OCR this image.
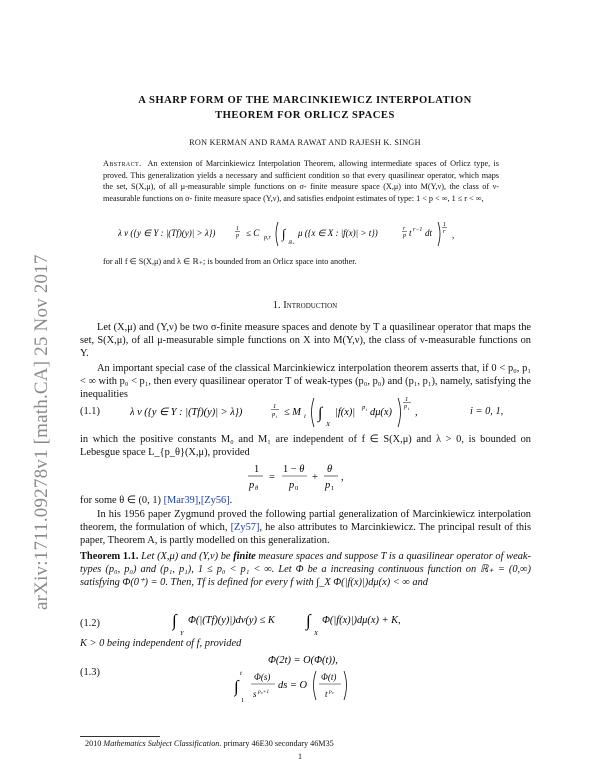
arXiv:1711.09278v1 [math.CA] 25 Nov 2017
A SHARP FORM OF THE MARCINKIEWICZ INTERPOLATION
THEOREM FOR ORLICZ SPACES
RON KERMAN AND RAMA RAWAT AND RAJESH K. SINGH
Abstract. An extension of Marcinkiewicz Interpolation Theorem, allowing intermediate spaces of Orlicz type, is proved. This generalization yields a necessary and sufficient condition so that every quasilinear operator, which maps the set, S(X,μ), of all μ-measurable simple functions on σ- finite measure space (X,μ) into M(Y,ν), the class of ν-measurable functions on σ- finite measure space (Y,ν), and satisfies endpoint estimates of type: 1 < p < ∞, 1 ≤ r < ∞,
λ ν ({y ∈ Y : |(Tf)(y)| > λ})	1
p ≤ C p,r ∫
ℝ₊
μ ({x ∈ X : |f(x)| > t})	r
p t r−1 dt
1
r ,
for all f ∈ S(X,μ) and λ ∈ ℝ₊; is bounded from an Orlicz space into another.
1. Introduction
Let (X,μ) and (Y,ν) be two σ-finite measure spaces and denote by T a quasilinear operator that maps the set, S(X,μ), of all μ-measurable simple functions on X into M(Y,ν), the class of ν-measurable functions on Y.
An important special case of the classical Marcinkiewicz interpolation theorem asserts that, if 0 < p₀, p₁ < ∞ with p₀ < p₁, then every quasilinear operator T of weak-types (p₀, p₀) and (p₁, p₁), namely, satisfying the inequalities
(1.1)	λ ν ({y ∈ Y : |(Tf)(y)| > λ})
1
p i ≤ M i ∫
X
|f(x)| p i dμ(x)
1
p i ,	i = 0, 1,
in which the positive constants M₀ and M₁ are independent of f ∈ S(X,μ) and λ > 0, is bounded on Lebesgue space L_{p_θ}(X,μ), provided
1
p θ
=
1 − θ
p 0
+
θ
p 1
,
for some θ ∈ (0, 1) [Mar39],[Zy56].
In his 1956 paper Zygmund proved the following partial generalization of Marcinkiewicz interpolation theorem, the formulation of which, [Zy57], he also attributes to Marcinkiewicz. The principal result of this paper, Theorem A, is partly modelled on this generalization.
Theorem 1.1. Let (X,μ) and (Y,ν) be finite measure spaces and suppose T is a quasilinear operator of weak-types (p₀, p₀) and (p₁, p₁), 1 ≤ p₀ < p₁ < ∞. Let Φ be a increasing continuous function on ℝ₊ = (0,∞) satisfying Φ(0⁺) = 0. Then, Tf is defined for every f with ∫_X Φ(|f(x)|)dμ(x) < ∞ and
(1.2)	∫
Y
Φ(|(Tf)(y)|)dν(y) ≤ K ∫
X
Φ(|f(x)|)dμ(x) + K,
K > 0 being independent of f, provided
Φ(2t) = O(Φ(t)),
(1.3)
∫
t
1
Φ(s)
s p₀+1
ds = O
Φ(t)
t p₀
2010 Mathematics Subject Classification. primary 46E30 secondary 46M35
1
